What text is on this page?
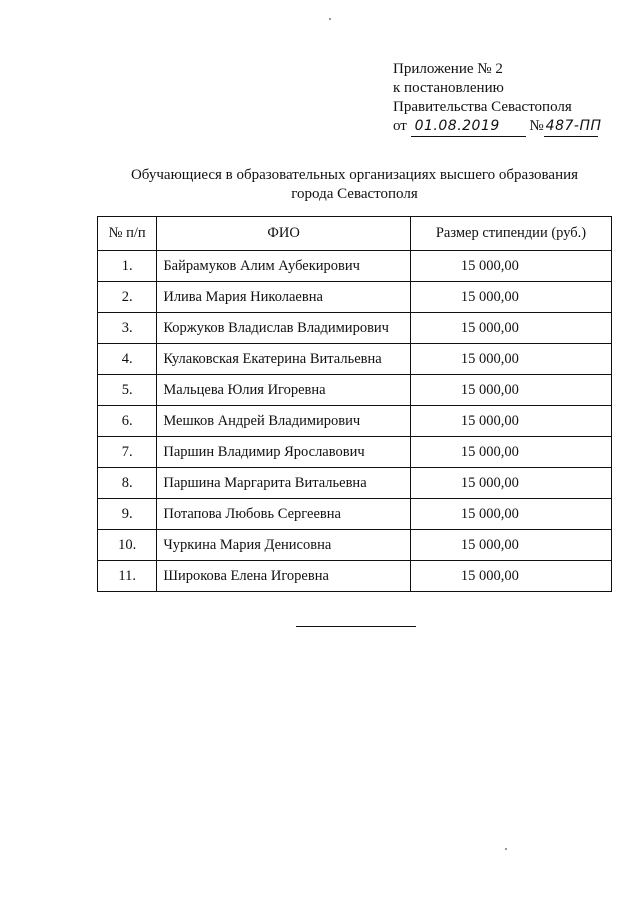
Приложение № 2
к постановлению
Правительства Севастополя
от 01.08.2019 № 487-ПП
Обучающиеся в образовательных организациях высшего образования
города Севастополя
№ п/п	ФИО	Размер стипендии (руб.)
1.	Байрамуков Алим Аубекирович	15 000,00
2.	Илива Мария Николаевна	15 000,00
3.	Коржуков Владислав Владимирович	15 000,00
4.	Кулаковская Екатерина Витальевна	15 000,00
5.	Мальцева Юлия Игоревна	15 000,00
6.	Мешков Андрей Владимирович	15 000,00
7.	Паршин Владимир Ярославович	15 000,00
8.	Паршина Маргарита Витальевна	15 000,00
9.	Потапова Любовь Сергеевна	15 000,00
10.	Чуркина Мария Денисовна	15 000,00
11.	Широкова Елена Игоревна	15 000,00
